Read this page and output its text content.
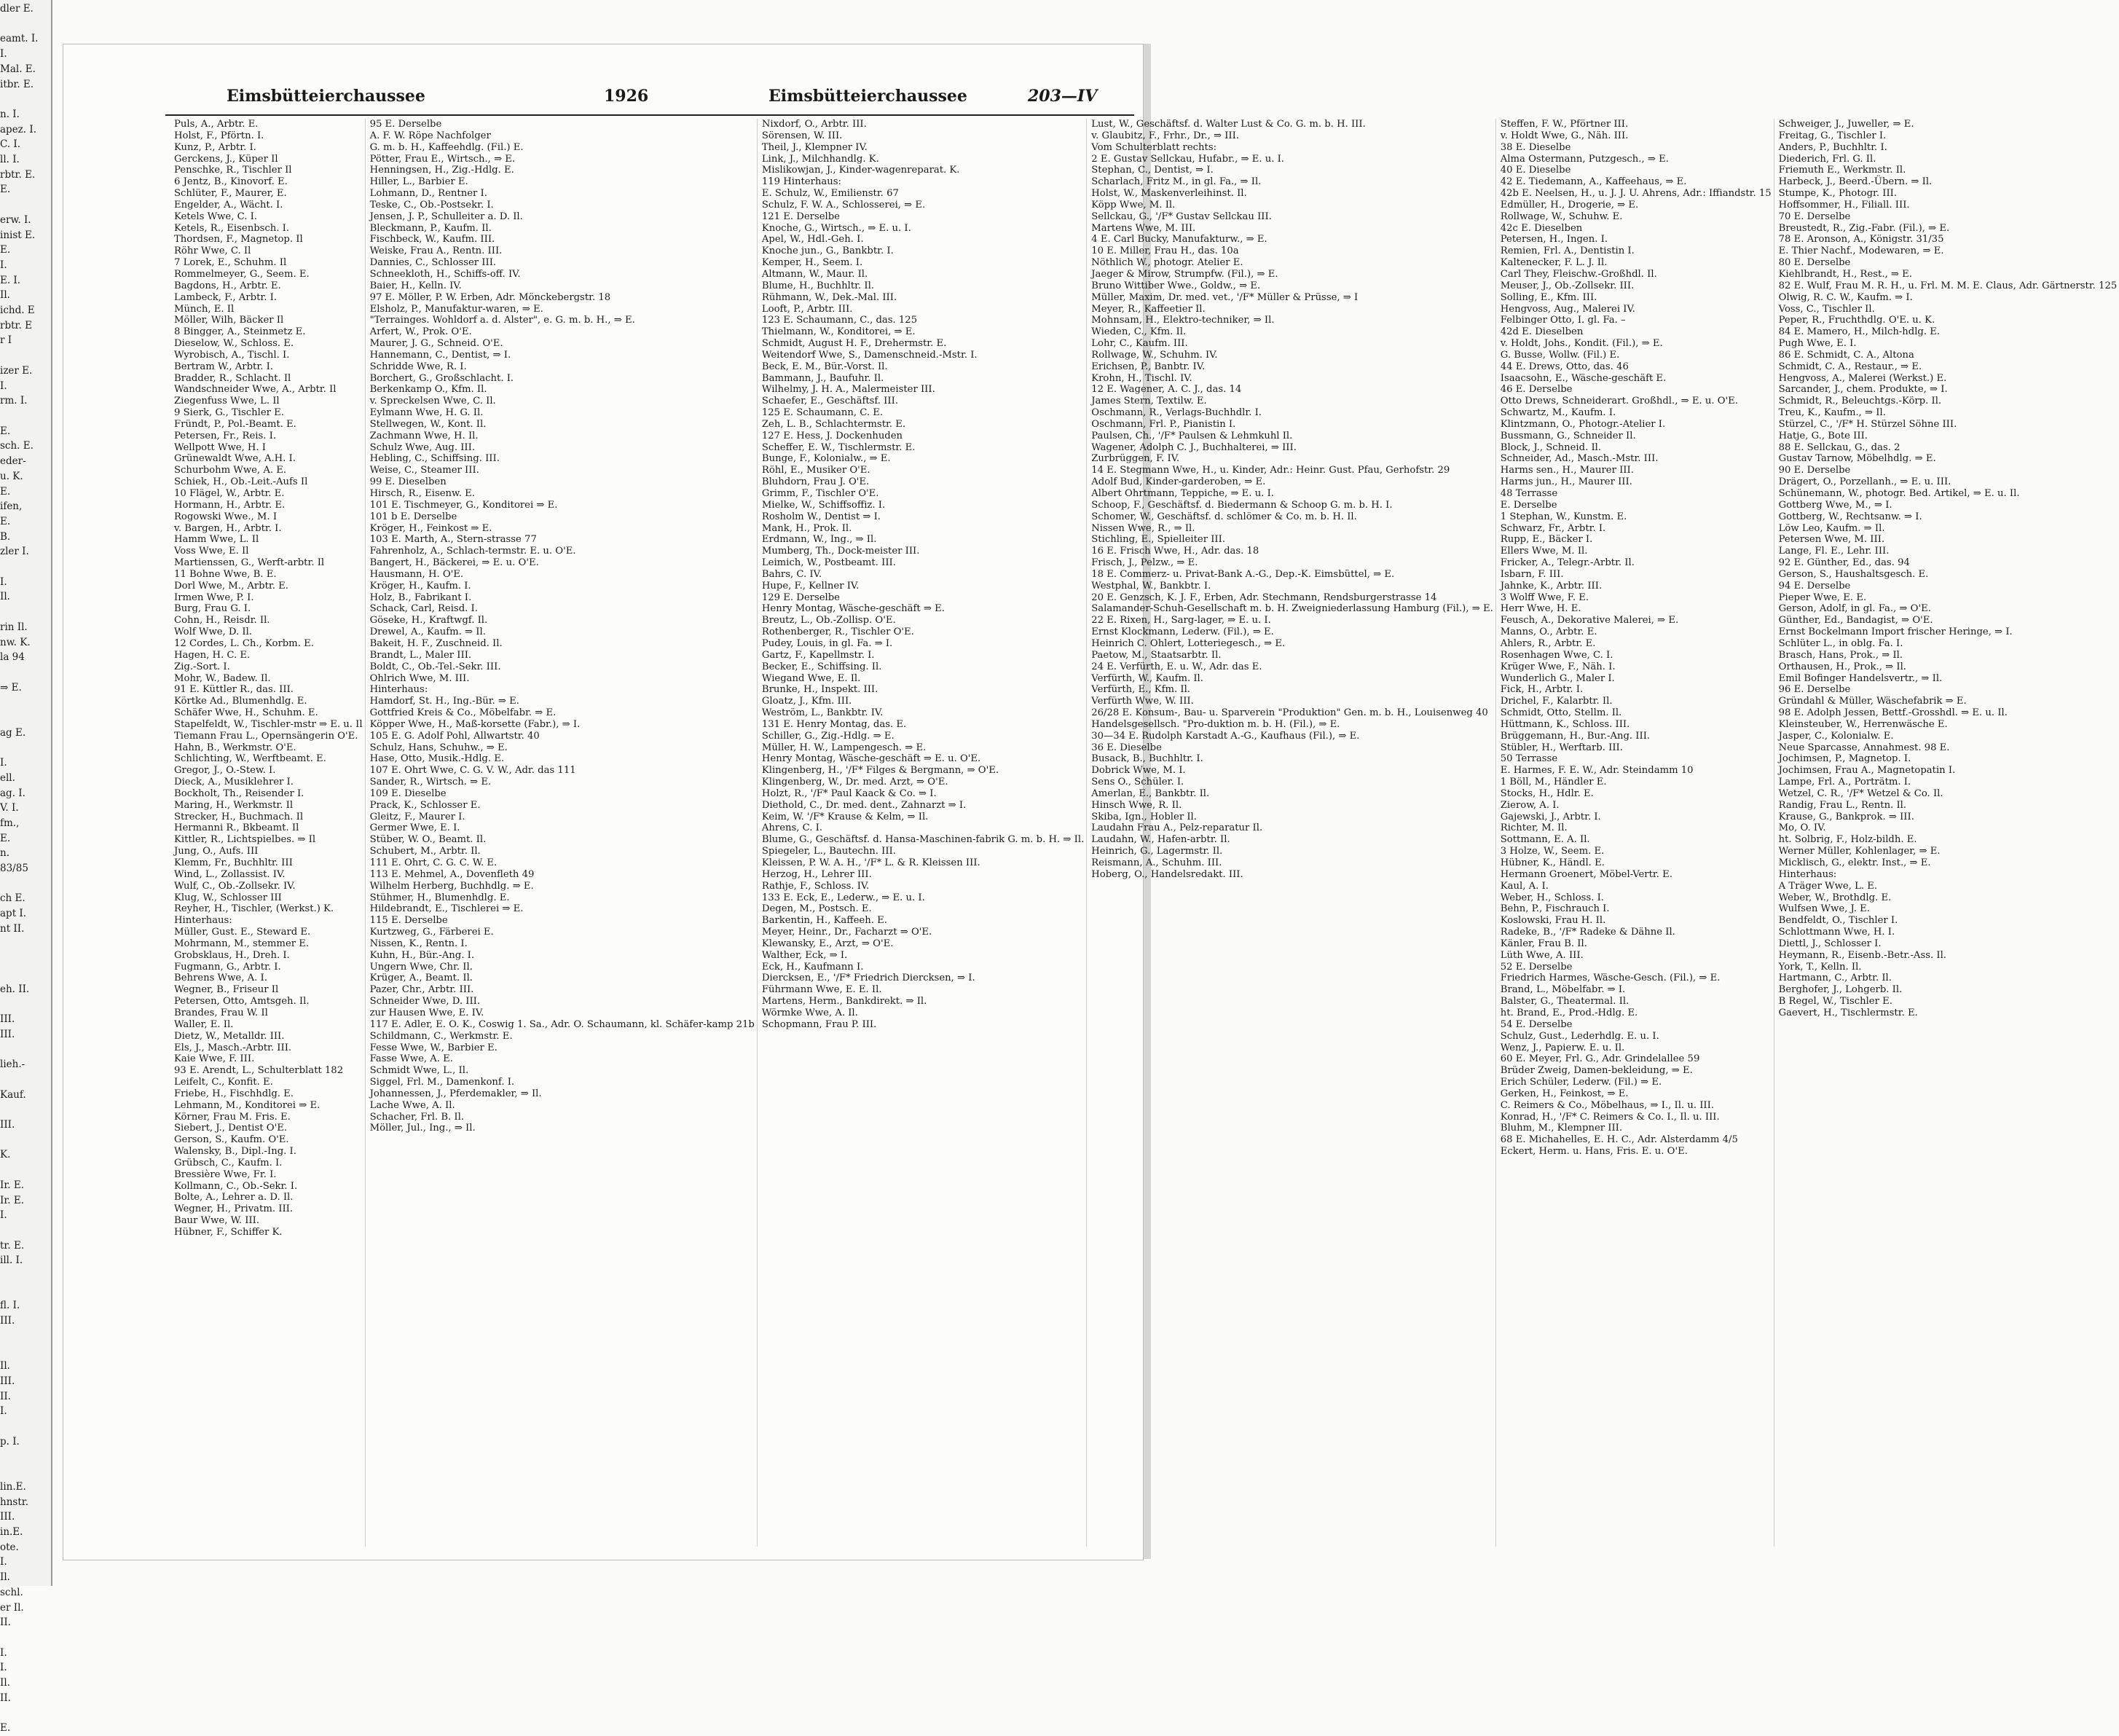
dler E.

eamt. I.
I.
Mal. E.
itbr. E.

n. I.
apez. I.
C. I.
ll. I.
rbtr. E.
E.

erw. I.
inist E.
E.
I.
E. I.
Il.
ichd. E
rbtr. E
r I

izer E.
I.
rm. I.

E.
sch. E.
eder-
u. K.
E.
ifen,
E.
B.
zler I.

I.
Il.

rin Il.
nw. K.
la 94

⇒ E.

ag E.

I.
ell.
ag. I.
V. I.
fm.,
E.
n.
83/85

ch E.
apt I.
nt II.

eh. II.

III.
III.

lieh.-

Kauf.

III.

K.

Ir. E.
Ir. E.
I.

tr. E.
ill. I.

fl. I.
III.

Il.
III.
II.
I.

p. I.

lin.E.
hnstr.
III.
in.E.
ote.
I.
Il.
schl.
er Il.
II.

I.
I.
Il.
II.

E.
Eimsbütteierchaussee	1926	Eimsbütteierchaussee	203—IV
Puls, A., Arbtr. E.
Holst, F., Pförtn. I.
Kunz, P., Arbtr. I.
Gerckens, J., Küper Il
Penschke, R., Tischler Il
6 Jentz, B., Kinovorf. E.
Schlüter, F., Maurer, E.
Engelder, A., Wächt. I.
Ketels Wwe, C. I.
Ketels, R., Eisenbsch. I.
Thordsen, F., Magnetop. Il
Röhr Wwe, C. Il
7 Lorek, E., Schuhm. Il
Rommelmeyer, G., Seem. E.
Bagdons, H., Arbtr. E.
Lambeck, F., Arbtr. I.
Münch, E. Il
Möller, Wilh, Bäcker Il
8 Bingger, A., Steinmetz E.
Dieselow, W., Schloss. E.
Wyrobisch, A., Tischl. I.
Bertram W., Arbtr. I.
Bradder, R., Schlacht. Il
Wandschneider Wwe, A., Arbtr. Il
Ziegenfuss Wwe, L. Il
9 Sierk, G., Tischler E.
Fründt, P., Pol.-Beamt. E.
Petersen, Fr., Reis. I.
Wellpott Wwe, H. I
Grünewaldt Wwe, A.H. I.
Schurbohm Wwe, A. E.
Schiek, H., Ob.-Leit.-Aufs Il
10 Flägel, W., Arbtr. E.
Hormann, H., Arbtr. E.
Rogowski Wwe., M. I
v. Bargen, H., Arbtr. I.
Hamm Wwe, L. Il
Voss Wwe, E. Il
Martienssen, G., Werft-arbtr. Il
11 Bohne Wwe, B. E.
Dorl Wwe, M., Arbtr. E.
Irmen Wwe, P. I.
Burg, Frau G. I.
Cohn, H., Reisdr. Il.
Wolf Wwe, D. Il.
12 Cordes, L. Ch., Korbm. E.
Hagen, H. C. E.
Zig.-Sort. I.
Mohr, W., Badew. Il.
91 E. Küttler R., das. III.
Körtke Ad., Blumenhdlg. E.
Schäfer Wwe, H., Schuhm. E.
Stapelfeldt, W., Tischler-mstr ⇒ E. u. Il
Tiemann Frau L., Opernsängerin O'E.
Hahn, B., Werkmstr. O'E.
Schlichting, W., Werftbeamt. E.
Gregor, J., O.-Stew. I.
Dieck, A., Musiklehrer I.
Bockholt, Th., Reisender I.
Maring, H., Werkmstr. Il
Strecker, H., Buchmach. Il
Hermanni R., Bkbeamt. Il
Kittler, R., Lichtspielbes. ⇒ Il
Jung, O., Aufs. III
Klemm, Fr., Buchhltr. III
Wind, L., Zollassist. IV.
Wulf, C., Ob.-Zollsekr. IV.
Klug, W., Schlosser III
Reyher, H., Tischler, (Werkst.) K.
Hinterhaus:
Müller, Gust. E., Steward E.
Mohrmann, M., stemmer E.
Grobsklaus, H., Dreh. I.
Fugmann, G., Arbtr. I.
Behrens Wwe, A. I.
Wegner, B., Friseur Il
Petersen, Otto, Amtsgeh. Il.
Brandes, Frau W. Il
Waller, E. Il.
Dietz, W., Metalldr. III.
Els, J., Masch.-Arbtr. III.
Kaie Wwe, F. III.
93 E. Arendt, L., Schulterblatt 182
Leifelt, C., Konfit. E.
Friebe, H., Fischhdlg. E.
Lehmann, M., Konditorei ⇒ E.
Körner, Frau M. Fris. E.
Siebert, J., Dentist O'E.
Gerson, S., Kaufm. O'E.
Walensky, B., Dipl.-Ing. I.
Grübsch, C., Kaufm. I.
Bressière Wwe, Fr. I.
Kollmann, C., Ob.-Sekr. I.
Bolte, A., Lehrer a. D. Il.
Wegner, H., Privatm. III.
Baur Wwe, W. III.
Hübner, F., Schiffer K.
95 E. Derselbe
A. F. W. Röpe Nachfolger
G. m. b. H., Kaffeehdlg. (Fil.) E.
Pötter, Frau E., Wirtsch., ⇒ E.
Henningsen, H., Zig.-Hdlg. E.
Hiller, L., Barbier E.
Lohmann, D., Rentner I.
Teske, C., Ob.-Postsekr. I.
Jensen, J. P., Schulleiter a. D. Il.
Bleckmann, P., Kaufm. Il.
Fischbeck, W., Kaufm. III.
Weiske, Frau A., Rentn. III.
Dannies, C., Schlosser III.
Schneekloth, H., Schiffs-off. IV.
Baier, H., Kelln. IV.
97 E. Möller, P. W. Erben, Adr. Mönckebergstr. 18
Elsholz, P., Manufaktur-waren, ⇒ E.
"Terrainges. Wohldorf a. d. Alster", e. G. m. b. H., ⇒ E.
Arfert, W., Prok. O'E.
Maurer, J. G., Schneid. O'E.
Hannemann, C., Dentist, ⇒ I.
Schridde Wwe, R. I.
Borchert, G., Großschlacht. I.
Berkenkamp O., Kfm. Il.
v. Spreckelsen Wwe, C. Il.
Eylmann Wwe, H. G. Il.
Stellwegen, W., Kont. Il.
Zachmann Wwe, H. Il.
Schulz Wwe, Aug. III.
Hebling, C., Schiffsing. III.
Weise, C., Steamer III.
99 E. Dieselben
Hirsch, R., Eisenw. E.
101 E. Tischmeyer, G., Konditorei ⇒ E.
101 b E. Derselbe
Kröger, H., Feinkost ⇒ E.
103 E. Marth, A., Stern-strasse 77
Fahrenholz, A., Schlach-termstr. E. u. O'E.
Bangert, H., Bäckerei, ⇒ E. u. O'E.
Hausmann, H. O'E.
Kröger, H., Kaufm. I.
Holz, B., Fabrikant I.
Schack, Carl, Reisd. I.
Göseke, H., Kraftwgf. Il.
Drewel, A., Kaufm. ⇒ Il.
Bakeit, H. F., Zuschneid. Il.
Brandt, L., Maler III.
Boldt, C., Ob.-Tel.-Sekr. III.
Ohlrich Wwe, M. III.
Hinterhaus:
Hamdorf, St. H., Ing.-Bür. ⇒ E.
Gottfried Kreis & Co., Möbelfabr. ⇒ E.
Köpper Wwe, H., Maß-korsette (Fabr.), ⇒ I.
105 E. G. Adolf Pohl, Allwartstr. 40
Schulz, Hans, Schuhw., ⇒ E.
Hase, Otto, Musik.-Hdlg. E.
107 E. Ohrt Wwe, C. G. V. W., Adr. das 111
Sander, R., Wirtsch. ⇒ E.
109 E. Dieselbe
Prack, K., Schlosser E.
Gleitz, F., Maurer I.
Germer Wwe, E. I.
Stüber, W. O., Beamt. Il.
Schubert, M., Arbtr. Il.
111 E. Ohrt, C. G. C. W. E.
113 E. Mehmel, A., Dovenfleth 49
Wilhelm Herberg, Buchhdlg. ⇒ E.
Stühmer, H., Blumenhdlg. E.
Hildebrandt, E., Tischlerei ⇒ E.
115 E. Derselbe
Kurtzweg, G., Färberei E.
Nissen, K., Rentn. I.
Kuhn, H., Bür.-Ang. I.
Ungern Wwe, Chr. Il.
Krüger, A., Beamt. Il.
Pazer, Chr., Arbtr. III.
Schneider Wwe, D. III.
zur Hausen Wwe, E. IV.
117 E. Adler, E. O. K., Coswig 1. Sa., Adr. O. Schaumann, kl. Schäfer-kamp 21b
Schildmann, C., Werkmstr. E.
Fesse Wwe, W., Barbier E.
Fasse Wwe, A. E.
Schmidt Wwe, L., Il.
Siggel, Frl. M., Damenkonf. I.
Johannessen, J., Pferdemakler, ⇒ Il.
Lache Wwe, A. Il.
Schacher, Frl. B. Il.
Möller, Jul., Ing., ⇒ Il.
Nixdorf, O., Arbtr. III.
Sörensen, W. III.
Theil, J., Klempner IV.
Link, J., Milchhandlg. K.
Mislikowjan, J., Kinder-wagenreparat. K.
119 Hinterhaus:
E. Schulz, W., Emilienstr. 67
Schulz, F. W. A., Schlosserei, ⇒ E.
121 E. Derselbe
Knoche, G., Wirtsch., ⇒ E. u. I.
Apel, W., Hdl.-Geh. I.
Knoche jun., G., Bankbtr. I.
Kemper, H., Seem. I.
Altmann, W., Maur. Il.
Blume, H., Buchhltr. Il.
Rühmann, W., Dek.-Mal. III.
Looft, P., Arbtr. III.
123 E. Schaumann, C., das. 125
Thielmann, W., Konditorei, ⇒ E.
Schmidt, August H. F., Drehermstr. E.
Weitendorf Wwe, S., Damenschneid.-Mstr. I.
Beck, E. M., Bür.-Vorst. Il.
Bammann, J., Baufuhr. Il.
Wilhelmy, J. H. A., Malermeister III.
Schaefer, E., Geschäftsf. III.
125 E. Schaumann, C. E.
Zeh, L. B., Schlachtermstr. E.
127 E. Hess, J. Dockenhuden
Scheffer, E. W., Tischlermstr. E.
Bunge, F., Kolonialw., ⇒ E.
Röhl, E., Musiker O'E.
Bluhdorn, Frau J. O'E.
Grimm, F., Tischler O'E.
Mielke, W., Schiffsoffiz. I.
Rosholm W., Dentist ⇒ I.
Mank, H., Prok. Il.
Erdmann, W., Ing., ⇒ Il.
Mumberg, Th., Dock-meister III.
Leimich, W., Postbeamt. III.
Bahrs, C. IV.
Hupe, F., Kellner IV.
129 E. Derselbe
Henry Montag, Wäsche-geschäft ⇒ E.
Breutz, L., Ob.-Zollisp. O'E.
Rothenberger, R., Tischler O'E.
Pudey, Louis, in gl. Fa. ⇒ I.
Gartz, F., Kapellmstr. I.
Becker, E., Schiffsing. Il.
Wiegand Wwe, E. Il.
Brunke, H., Inspekt. III.
Gloatz, J., Kfm. III.
Weström, L., Bankbtr. IV.
131 E. Henry Montag, das. E.
Schiller, G., Zig.-Hdlg. ⇒ E.
Müller, H. W., Lampengesch. ⇒ E.
Henry Montag, Wäsche-geschäft ⇒ E. u. O'E.
Klingenberg, H., '/F* Filges & Bergmann, ⇒ O'E.
Klingenberg, W., Dr. med. Arzt, ⇒ O'E.
Holzt, R., '/F* Paul Kaack & Co. ⇒ I.
Diethold, C., Dr. med. dent., Zahnarzt ⇒ I.
Keim, W. '/F* Krause & Kelm, ⇒ Il.
Ahrens, C. I.
Blume, G., Geschäftsf. d. Hansa-Maschinen-fabrik G. m. b. H. ⇒ Il.
Spiegeler, L., Bautechn. III.
Kleissen, P. W. A. H., '/F* L. & R. Kleissen III.
Herzog, H., Lehrer III.
Rathje, F., Schloss. IV.
133 E. Eck, E., Lederw., ⇒ E. u. I.
Degen, M., Postsch. E.
Barkentin, H., Kaffeeh. E.
Meyer, Heinr., Dr., Facharzt ⇒ O'E.
Klewansky, E., Arzt, ⇒ O'E.
Walther, Eck, ⇒ I.
Eck, H., Kaufmann I.
Diercksen, E., '/F* Friedrich Diercksen, ⇒ I.
Führmann Wwe, E. E. Il.
Martens, Herm., Bankdirekt. ⇒ Il.
Wörmke Wwe, A. Il.
Schopmann, Frau P. III.
Lust, W., Geschäftsf. d. Walter Lust & Co. G. m. b. H. III.
v. Glaubitz, F., Frhr., Dr., ⇒ III.
Vom Schulterblatt rechts:
2 E. Gustav Sellckau, Hufabr., ⇒ E. u. I.
Stephan, C., Dentist, ⇒ I.
Scharlach, Fritz M., in gl. Fa., ⇒ Il.
Holst, W., Maskenverleihinst. Il.
Köpp Wwe, M. Il.
Sellckau, G., '/F* Gustav Sellckau III.
Martens Wwe, M. III.
4 E. Carl Bucky, Manufakturw., ⇒ E.
10 E. Miller, Frau H., das. 10a
Nöthlich W., photogr. Atelier E.
Jaeger & Mirow, Strumpfw. (Fil.), ⇒ E.
Bruno Wittiber Wwe., Goldw., ⇒ E.
Müller, Maxim, Dr. med. vet., '/F* Müller & Prüsse, ⇒ I
Meyer, R., Kaffeetier Il.
Mohnsam, H., Elektro-techniker, ⇒ Il.
Wieden, C., Kfm. Il.
Lohr, C., Kaufm. III.
Rollwage, W., Schuhm. IV.
Erichsen, P., Banbtr. IV.
Krohn, H., Tischl. IV.
12 E. Wagener, A. C. J., das. 14
James Stern, Textilw. E.
Oschmann, R., Verlags-Buchhdlr. I.
Oschmann, Frl. P., Pianistin I.
Paulsen, Ch., '/F* Paulsen & Lehmkuhl Il.
Wagener, Adolph C. J., Buchhalterei, ⇒ III.
Zurbrüggen, F. IV.
14 E. Stegmann Wwe, H., u. Kinder, Adr.: Heinr. Gust. Pfau, Gerhofstr. 29
Adolf Bud, Kinder-garderoben, ⇒ E.
Albert Ohrtmann, Teppiche, ⇒ E. u. I.
Schoop, F., Geschäftsf. d. Biedermann & Schoop G. m. b. H. I.
Schomer, W., Geschäftsf. d. schlömer & Co. m. b. H. Il.
Nissen Wwe, R., ⇒ Il.
Stichling, E., Spielleiter III.
16 E. Frisch Wwe, H., Adr. das. 18
Frisch, J., Pelzw., ⇒ E.
18 E. Commerz- u. Privat-Bank A.-G., Dep.-K. Eimsbüttel, ⇒ E.
Westphal, W., Bankbtr. I.
20 E. Genzsch, K. J. F., Erben, Adr. Stechmann, Rendsburgerstrasse 14
Salamander-Schuh-Gesellschaft m. b. H. Zweigniederlassung Hamburg (Fil.), ⇒ E.
22 E. Rixen, H., Sarg-lager, ⇒ E. u. I.
Ernst Klockmann, Lederw. (Fil.), ⇒ E.
Heinrich C. Ohlert, Lotteriegesch., ⇒ E.
Paetow, M., Staatsarbtr. Il.
24 E. Verfürth, E. u. W., Adr. das E.
Verfürth, W., Kaufm. Il.
Verfürth, E., Kfm. Il.
Verfürth Wwe, W. III.
26/28 E. Konsum-, Bau- u. Sparverein "Produktion" Gen. m. b. H., Louisenweg 40
Handelsgesellsch. "Pro-duktion m. b. H. (Fil.), ⇒ E.
30—34 E. Rudolph Karstadt A.-G., Kaufhaus (Fil.), ⇒ E.
36 E. Dieselbe
Busack, B., Buchhltr. I.
Dobrick Wwe, M. I.
Sens O., Schüler. I.
Amerlan, E., Bankbtr. Il.
Hinsch Wwe, R. Il.
Skiba, Ign., Hobler Il.
Laudahn Frau A., Pelz-reparatur Il.
Laudahn, W., Hafen-arbtr. Il.
Heinrich, G., Lagermstr. Il.
Reismann, A., Schuhm. III.
Hoberg, O., Handelsredakt. III.
Steffen, F. W., Pförtner III.
v. Holdt Wwe, G., Näh. III.
38 E. Dieselbe
Alma Ostermann, Putzgesch., ⇒ E.
40 E. Dieselbe
42 E. Tiedemann, A., Kaffeehaus, ⇒ E.
42b E. Neelsen, H., u. J. J. U. Ahrens, Adr.: Iffiandstr. 15
Edmüller, H., Drogerie, ⇒ E.
Rollwage, W., Schuhw. E.
42c E. Dieselben
Petersen, H., Ingen. I.
Remien, Frl. A., Dentistin I.
Kaltenecker, F. L. J. Il.
Carl They, Fleischw.-Großhdl. Il.
Meuser, J., Ob.-Zollsekr. III.
Solling, E., Kfm. III.
Hengvoss, Aug., Malerei IV.
Felbinger Otto, I. gl. Fa. –
42d E. Dieselben
v. Holdt, Johs., Kondit. (Fil.), ⇒ E.
G. Busse, Wollw. (Fil.) E.
44 E. Drews, Otto, das. 46
Isaacsohn, E., Wäsche-geschäft E.
46 E. Derselbe
Otto Drews, Schneiderart. Großhdl., ⇒ E. u. O'E.
Schwartz, M., Kaufm. I.
Klintzmann, O., Photogr.-Atelier I.
Bussmann, G., Schneider Il.
Block, J., Schneid. Il.
Schneider, Ad., Masch.-Mstr. III.
Harms sen., H., Maurer III.
Harms jun., H., Maurer III.
48 Terrasse
E. Derselbe
1 Stephan, W., Kunstm. E.
Schwarz, Fr., Arbtr. I.
Rupp, E., Bäcker I.
Ellers Wwe, M. Il.
Fricker, A., Telegr.-Arbtr. Il.
Isbarn, F. III.
Jahnke, K., Arbtr. III.
3 Wolff Wwe, F. E.
Herr Wwe, H. E.
Feusch, A., Dekorative Malerei, ⇒ E.
Manns, O., Arbtr. E.
Ahlers, R., Arbtr. E.
Rosenhagen Wwe, C. I.
Krüger Wwe, F., Näh. I.
Wunderlich G., Maler I.
Fick, H., Arbtr. I.
Drichel, F., Kalarbtr. Il.
Schmidt, Otto, Stellm. Il.
Hüttmann, K., Schloss. III.
Brüggemann, H., Bur.-Ang. III.
Stübler, H., Werftarb. III.
50 Terrasse
E. Harmes, F. E. W., Adr. Steindamm 10
1 Böll, M., Händler E.
Stocks, H., Hdlr. E.
Zierow, A. I.
Gajewski, J., Arbtr. I.
Richter, M. Il.
Sottmann, E. A. Il.
3 Holze, W., Seem. E.
Hübner, K., Händl. E.
Hermann Groenert, Möbel-Vertr. E.
Kaul, A. I.
Weber, H., Schloss. I.
Behn, P., Fischrauch I.
Koslowski, Frau H. Il.
Radeke, B., '/F* Radeke & Dähne Il.
Känler, Frau B. Il.
Lüth Wwe, A. III.
52 E. Derselbe
Friedrich Harmes, Wäsche-Gesch. (Fil.), ⇒ E.
Brand, L., Möbelfabr. ⇒ I.
Balster, G., Theatermal. Il.
ht. Brand, E., Prod.-Hdlg. E.
54 E. Derselbe
Schulz, Gust., Lederhdlg. E. u. I.
Wenz, J., Papierw. E. u. Il.
60 E. Meyer, Frl. G., Adr. Grindelallee 59
Brüder Zweig, Damen-bekleidung, ⇒ E.
Erich Schüler, Lederw. (Fil.) ⇒ E.
Gerken, H., Feinkost, ⇒ E.
C. Reimers & Co., Möbelhaus, ⇒ I., Il. u. III.
Konrad, H., '/F* C. Reimers & Co. I., Il. u. III.
Bluhm, M., Klempner III.
68 E. Michahelles, E. H. C., Adr. Alsterdamm 4/5
Eckert, Herm. u. Hans, Fris. E. u. O'E.
Schweiger, J., Juweller, ⇒ E.
Freitag, G., Tischler I.
Anders, P., Buchhltr. I.
Diederich, Frl. G. Il.
Friemuth E., Werkmstr. Il.
Harbeck, J., Beerd.-Übern. ⇒ Il.
Stumpe, K., Photogr. III.
Hoffsommer, H., Filiall. III.
70 E. Derselbe
Breustedt, R., Zig.-Fabr. (Fil.), ⇒ E.
78 E. Aronson, A., Königstr. 31/35
E. Thier Nachf., Modewaren, ⇒ E.
80 E. Derselbe
Kiehlbrandt, H., Rest., ⇒ E.
82 E. Wulf, Frau M. R. H., u. Frl. M. M. E. Claus, Adr. Gärtnerstr. 125
Olwig, R. C. W., Kaufm. ⇒ I.
Voss, C., Tischler Il.
Peper, R., Fruchthdlg. O'E. u. K.
84 E. Mamero, H., Milch-hdlg. E.
Pugh Wwe, E. I.
86 E. Schmidt, C. A., Altona
Schmidt, C. A., Restaur., ⇒ E.
Hengvoss, A., Malerei (Werkst.) E.
Sarcander, J., chem. Produkte, ⇒ I.
Schmidt, R., Beleuchtgs.-Körp. Il.
Treu, K., Kaufm., ⇒ Il.
Stürzel, C., '/F* H. Stürzel Söhne III.
Hatje, G., Bote III.
88 E. Sellckau, G., das. 2
Gustav Tarnow, Möbelhdlg. ⇒ E.
90 E. Derselbe
Drägert, O., Porzellanh., ⇒ E. u. III.
Schünemann, W., photogr. Bed. Artikel, ⇒ E. u. Il.
Gottberg Wwe, M., ⇒ I.
Gottberg, W., Rechtsanw. ⇒ I.
Löw Leo, Kaufm. ⇒ Il.
Petersen Wwe, M. III.
Lange, Fl. E., Lehr. III.
92 E. Günther, Ed., das. 94
Gerson, S., Haushaltsgesch. E.
94 E. Derselbe
Pieper Wwe, E. E.
Gerson, Adolf, in gl. Fa., ⇒ O'E.
Günther, Ed., Bandagist, ⇒ O'E.
Ernst Bockelmann Import frischer Heringe, ⇒ I.
Schlüter L., in oblg. Fa. I.
Brasch, Hans, Prok., ⇒ Il.
Orthausen, H., Prok., ⇒ Il.
Emil Bofinger Handelsvertr., ⇒ Il.
96 E. Derselbe
Gründahl & Müller, Wäschefabrik ⇒ E.
98 E. Adolph Jessen, Bettf.-Grosshdl. ⇒ E. u. Il.
Kleinsteuber, W., Herrenwäsche E.
Jasper, C., Kolonialw. E.
Neue Sparcasse, Annahmest. 98 E.
Jochimsen, P., Magnetop. I.
Jochimsen, Frau A., Magnetopatin I.
Lampe, Frl. A., Porträtm. I.
Wetzel, C. R., '/F* Wetzel & Co. Il.
Randig, Frau L., Rentn. Il.
Krause, G., Bankprok. ⇒ III.
Mo, O. IV.
ht. Solbrig, F., Holz-bildh. E.
Werner Müller, Kohlenlager, ⇒ E.
Micklisch, G., elektr. Inst., ⇒ E.
Hinterhaus:
A Träger Wwe, L. E.
Weber, W., Brothdlg. E.
Wulfsen Wwe, J. E.
Bendfeldt, O., Tischler I.
Schlottmann Wwe, H. I.
Diettl, J., Schlosser I.
Heymann, R., Eisenb.-Betr.-Ass. Il.
York, T., Kelln. Il.
Hartmann, C., Arbtr. Il.
Berghofer, J., Lohgerb. Il.
B Regel, W., Tischler E.
Gaevert, H., Tischlermstr. E.
